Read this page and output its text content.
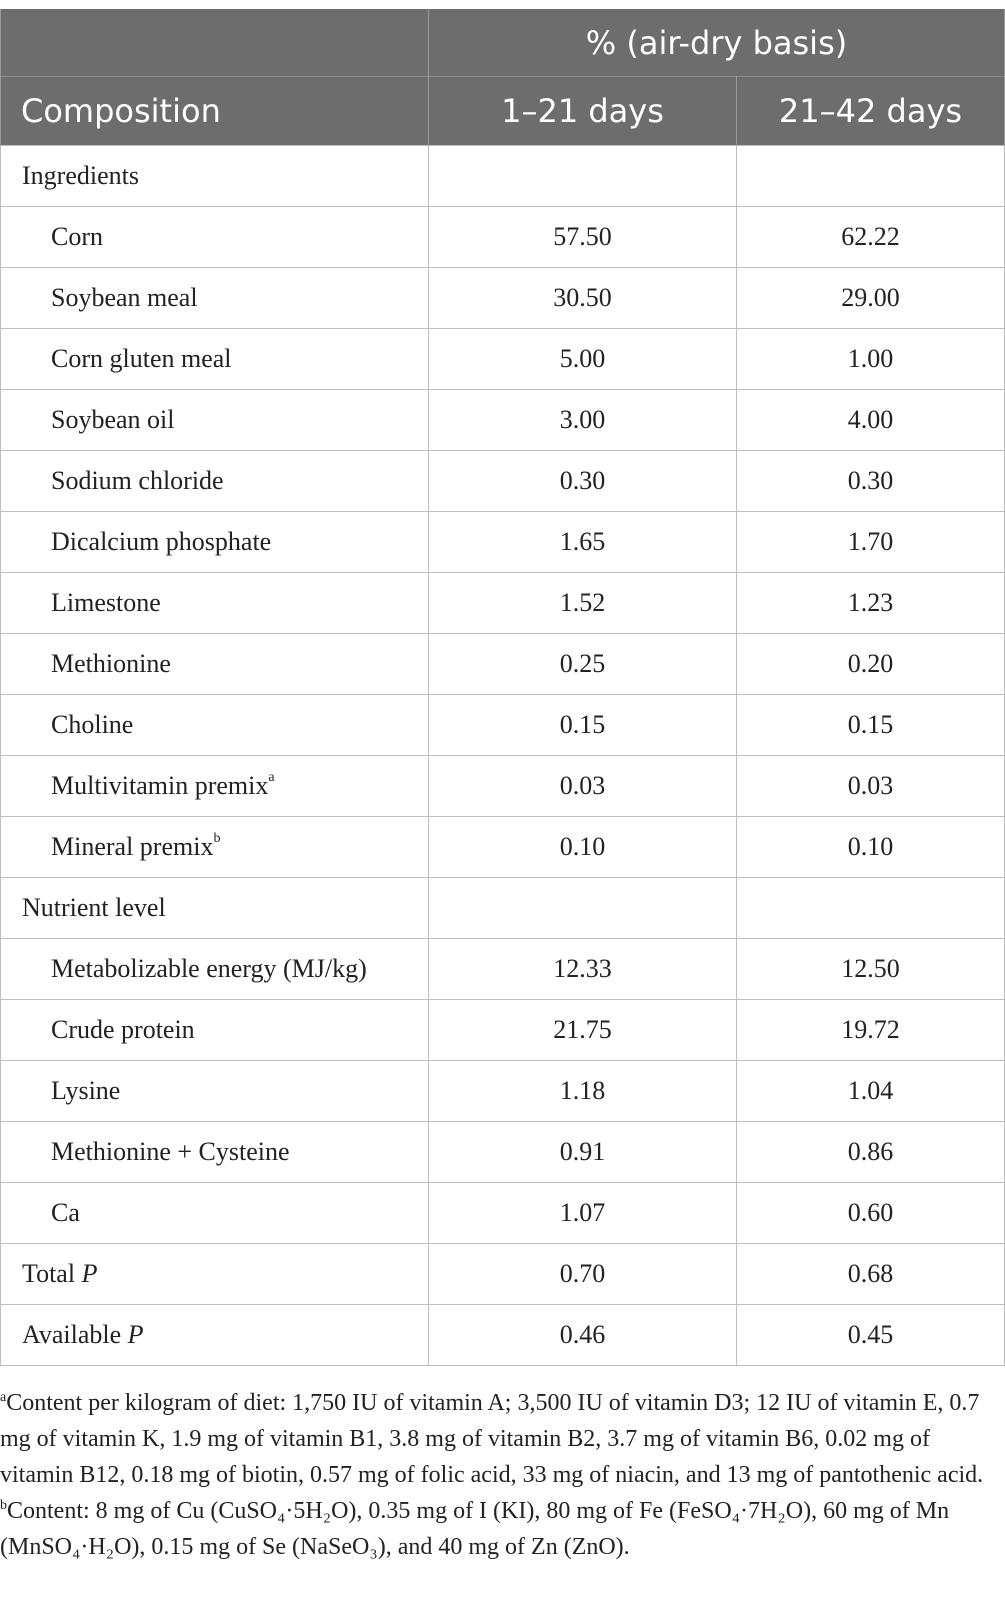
	% (air-dry basis)	
Composition	1–21 days	21–42 days
Ingredients		
Corn	57.50	62.22
Soybean meal	30.50	29.00
Corn gluten meal	5.00	1.00
Soybean oil	3.00	4.00
Sodium chloride	0.30	0.30
Dicalcium phosphate	1.65	1.70
Limestone	1.52	1.23
Methionine	0.25	0.20
Choline	0.15	0.15
Multivitamin premix$^a$	0.03	0.03
Mineral premix$^b$	0.10	0.10
Nutrient level		
Metabolizable energy (MJ/kg)	12.33	12.50
Crude protein	21.75	19.72
Lysine	1.18	1.04
Methionine + Cysteine	0.91	0.86
Ca	1.07	0.60
Total P	0.70	0.68
Available P	0.46	0.45
$^a$Content per kilogram of diet: 1,750 IU of vitamin A; 3,500 IU of vitamin D3; 12 IU of vitamin E, 0.7 mg of vitamin K, 1.9 mg of vitamin B1, 3.8 mg of vitamin B2, 3.7 mg of vitamin B6, 0.02 mg of vitamin B12, 0.18 mg of biotin, 0.57 mg of folic acid, 33 mg of niacin, and 13 mg of pantothenic acid. $^b$Content: 8 mg of Cu (CuSO₄·5H₂O), 0.35 mg of I (KI), 80 mg of Fe (FeSO₄·7H₂O), 60 mg of Mn (MnSO₄·H₂O), 0.15 mg of Se (NaSeO₃), and 40 mg of Zn (ZnO).
